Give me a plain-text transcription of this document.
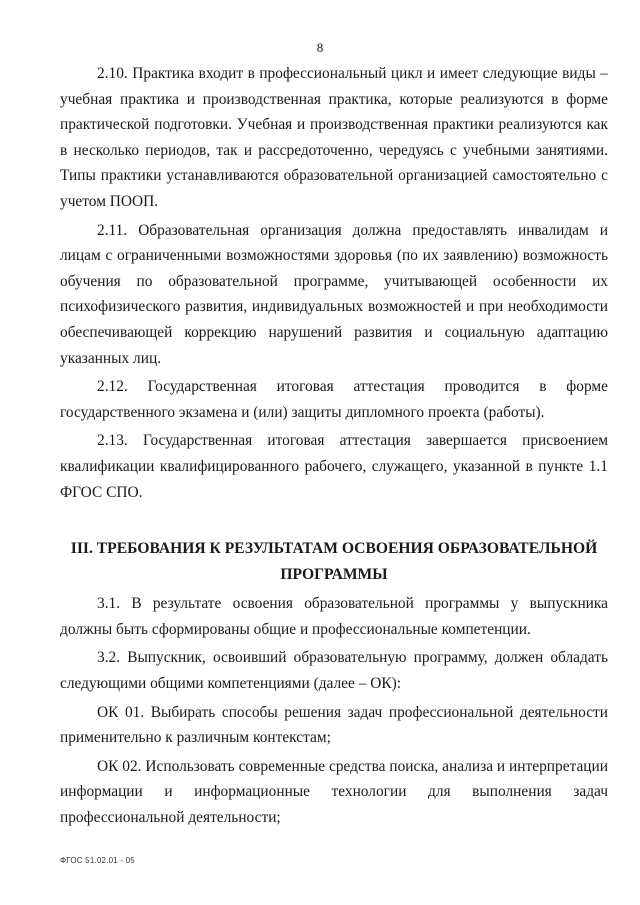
8

2.10. Практика входит в профессиональный цикл и имеет следующие виды – учебная практика и производственная практика, которые реализуются в форме практической подготовки. Учебная и производственная практики реализуются как в несколько периодов, так и рассредоточенно, чередуясь с учебными занятиями. Типы практики устанавливаются образовательной организацией самостоятельно с учетом ПООП.

2.11. Образовательная организация должна предоставлять инвалидам и лицам с ограниченными возможностями здоровья (по их заявлению) возможность обучения по образовательной программе, учитывающей особенности их психофизического развития, индивидуальных возможностей и при необходимости обеспечивающей коррекцию нарушений развития и социальную адаптацию указанных лиц.

2.12. Государственная итоговая аттестация проводится в форме государственного экзамена и (или) защиты дипломного проекта (работы).

2.13. Государственная итоговая аттестация завершается присвоением квалификации квалифицированного рабочего, служащего, указанной в пункте 1.1 ФГОС СПО.

III. ТРЕБОВАНИЯ К РЕЗУЛЬТАТАМ ОСВОЕНИЯ ОБРАЗОВАТЕЛЬНОЙ ПРОГРАММЫ

3.1. В результате освоения образовательной программы у выпускника должны быть сформированы общие и профессиональные компетенции.

3.2. Выпускник, освоивший образовательную программу, должен обладать следующими общими компетенциями (далее – ОК):

ОК 01. Выбирать способы решения задач профессиональной деятельности применительно к различным контекстам;

ОК 02. Использовать современные средства поиска, анализа и интерпретации информации и информационные технологии для выполнения задач профессиональной деятельности;

ФГОС 51.02.01 - 05
